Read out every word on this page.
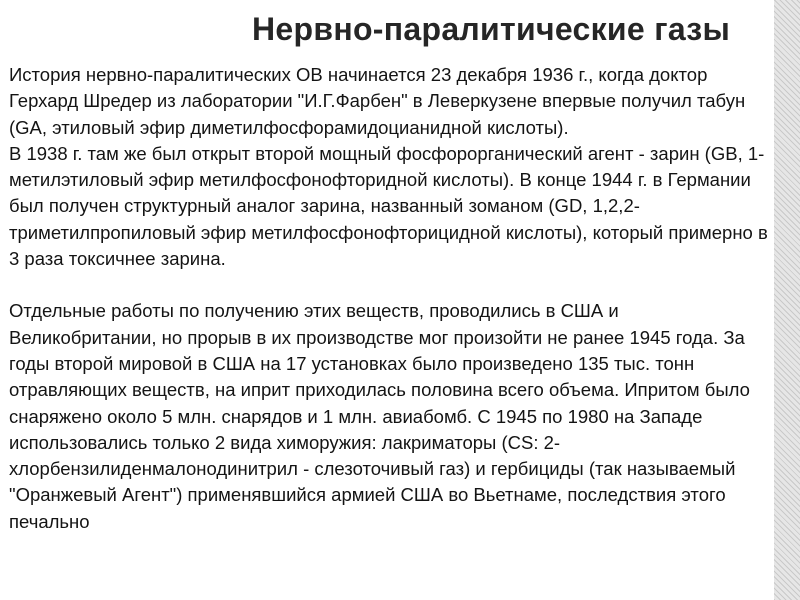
История нервно-паралитических ОВ начинается 23 декабря 1936 г., когда доктор Герхард Шредер из лаборатории "И.Г.Фарбен" в Леверкузене впервые получил табун (GA, этиловый эфир диметилфосфорамидоцианидной кислоты).
В 1938 г. там же был открыт второй мощный фосфорорганический агент - зарин (GB, 1-метилэтиловый эфир метилфосфонофторидной кислоты). В конце 1944 г. в Германии был получен структурный аналог зарина, названный зоманом (GD, 1,2,2-триметилпропиловый эфир метилфосфонофторицидной кислоты), который примерно в 3 раза токсичнее зарина.

Отдельные работы по получению этих веществ, проводились в США и Великобритании, но прорыв в их производстве мог произойти не ранее 1945 года. За годы второй мировой в США на 17 установках было произведено 135 тыс. тонн отравляющих веществ, на иприт приходилась половина всего объема. Ипритом было снаряжено около 5 млн. снарядов и 1 млн. авиабомб. С 1945 по 1980 на Западе использовались только 2 вида химоружия: лакриматоры (CS: 2-хлорбензилиденмалонодинитрил - слезоточивый газ) и гербициды (так называемый "Оранжевый Агент") применявшийся армией США во Вьетнаме, последствия этого печально

Нервно-паралитические газы
